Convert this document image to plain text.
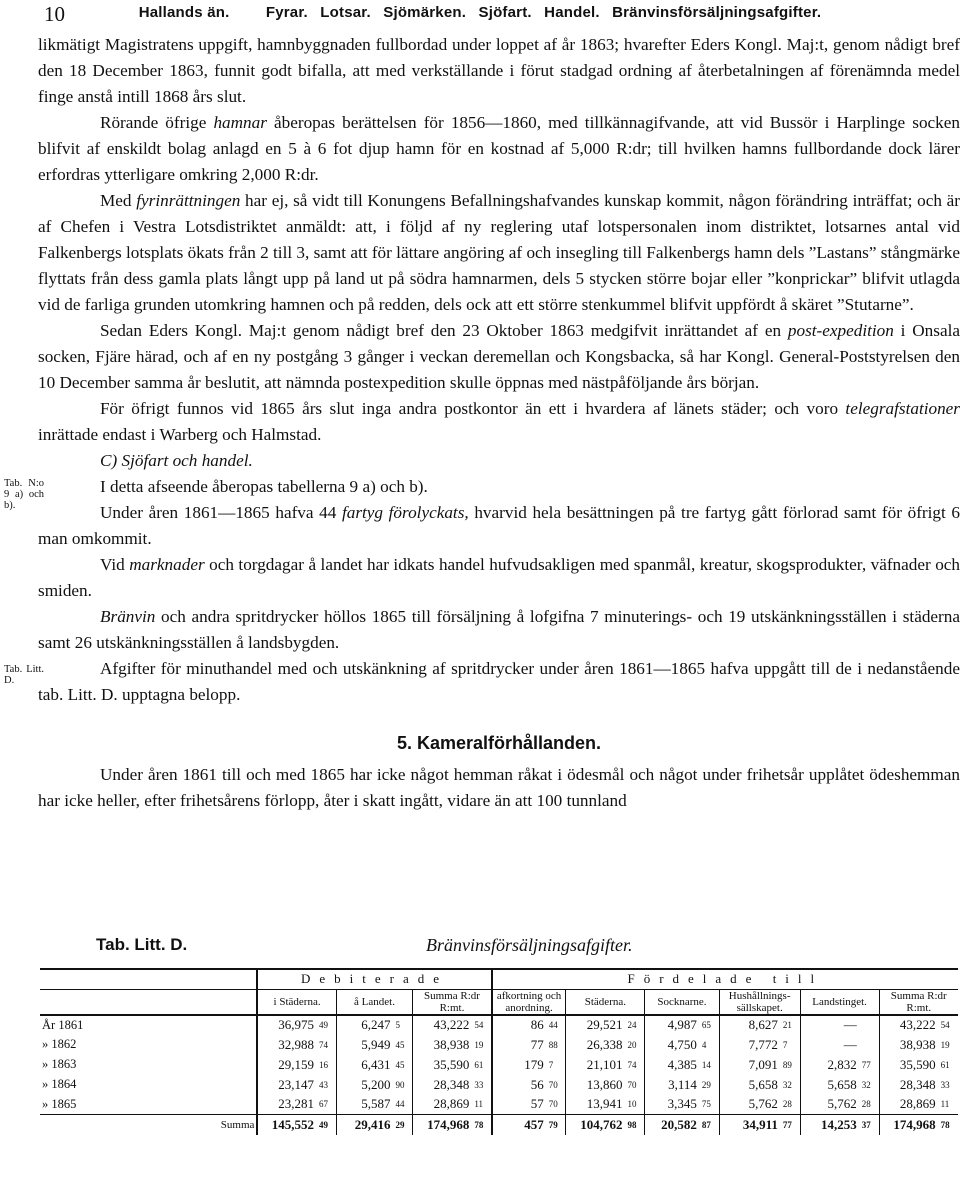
10	Hallands än. Fyrar. Lotsar. Sjömärken. Sjöfart. Handel. Bränvinsförsäljningsafgifter.

likmätigt Magistratens uppgift, hamnbyggnaden fullbordad under loppet af år 1863; hvarefter Eders Kongl. Maj:t, genom nådigt bref den 18 December 1863, funnit godt bifalla, att med verkställande i förut stadgad ordning af återbetalningen af förenämnda medel finge anstå intill 1868 års slut.

Rörande öfrige hamnar åberopas berättelsen för 1856—1860, med tillkännagifvande, att vid Bussör i Harplinge socken blifvit af enskildt bolag anlagd en 5 à 6 fot djup hamn för en kostnad af 5,000 R:dr; till hvilken hamns fullbordande dock lärer erfordras ytterligare omkring 2,000 R:dr.

Med fyrinrättningen har ej, så vidt till Konungens Befallningshafvandes kunskap kommit, någon förändring inträffat; och är af Chefen i Vestra Lotsdistriktet anmäldt: att, i följd af ny reglering utaf lotspersonalen inom distriktet, lotsarnes antal vid Falkenbergs lotsplats ökats från 2 till 3, samt att för lättare angöring af och insegling till Falkenbergs hamn dels ”Lastans” stångmärke flyttats från dess gamla plats långt upp på land ut på södra hamnarmen, dels 5 stycken större bojar eller ”konprickar” blifvit utlagda vid de farliga grunden utomkring hamnen och på redden, dels ock att ett större stenkummel blifvit uppfördt å skäret ”Stutarne”.

Sedan Eders Kongl. Maj:t genom nådigt bref den 23 Oktober 1863 medgifvit inrättandet af en post-expedition i Onsala socken, Fjäre härad, och af en ny postgång 3 gånger i veckan deremellan och Kongsbacka, så har Kongl. General-Poststyrelsen den 10 December samma år beslutit, att nämnda postexpedition skulle öppnas med nästpåföljande års början.

För öfrigt funnos vid 1865 års slut inga andra postkontor än ett i hvardera af länets städer; och voro telegrafstationer inrättade endast i Warberg och Halmstad.

C) Sjöfart och handel.
Tab. N:o 9 a) och b).

I detta afseende åberopas tabellerna 9 a) och b).

Under åren 1861—1865 hafva 44 fartyg förolyckats, hvarvid hela besättningen på tre fartyg gått förlorad samt för öfrigt 6 man omkommit.

Vid marknader och torgdagar å landet har idkats handel hufvudsakligen med spanmål, kreatur, skogsprodukter, väfnader och smiden.

Bränvin och andra spritdrycker höllos 1865 till försäljning å lofgifna 7 minuterings- och 19 utskänkningsställen i städerna samt 26 utskänkningsställen å landsbygden.

Tab. Litt. D.

Afgifter för minuthandel med och utskänkning af spritdrycker under åren 1861—1865 hafva uppgått till de i nedanstående tab. Litt. D. upptagna belopp.

5. Kameralförhållanden.

Under åren 1861 till och med 1865 har icke något hemman råkat i ödesmål och något under frihetsår upplåtet ödeshemman har icke heller, efter frihetsårens förlopp, åter i skatt ingått, vidare än att 100 tunnland

Tab. Litt. D.	Bränvinsförsäljningsafgifter.
	Debiterade						Fördelade till											
	i Städerna.		å Landet.		Summa R:dr R:mt.		afkortning och anordning.		Städerna.		Socknarne.		Hushållnings-sällskapet.		Landstinget.		Summa R:dr R:mt.	
År 1861	36,975	49	6,247	5	43,222	54	86	44	29,521	24	4,987	65	8,627	21	—		43,222	54
» 1862	32,988	74	5,949	45	38,938	19	77	88	26,338	20	4,750	4	7,772	7	—		38,938	19
» 1863	29,159	16	6,431	45	35,590	61	179	7	21,101	74	4,385	14	7,091	89	2,832	77	35,590	61
» 1864	23,147	43	5,200	90	28,348	33	56	70	13,860	70	3,114	29	5,658	32	5,658	32	28,348	33
» 1865	23,281	67	5,587	44	28,869	11	57	70	13,941	10	3,345	75	5,762	28	5,762	28	28,869	11
Summa	145,552	49	29,416	29	174,968	78	457	79	104,762	98	20,582	87	34,911	77	14,253	37	174,968	78
